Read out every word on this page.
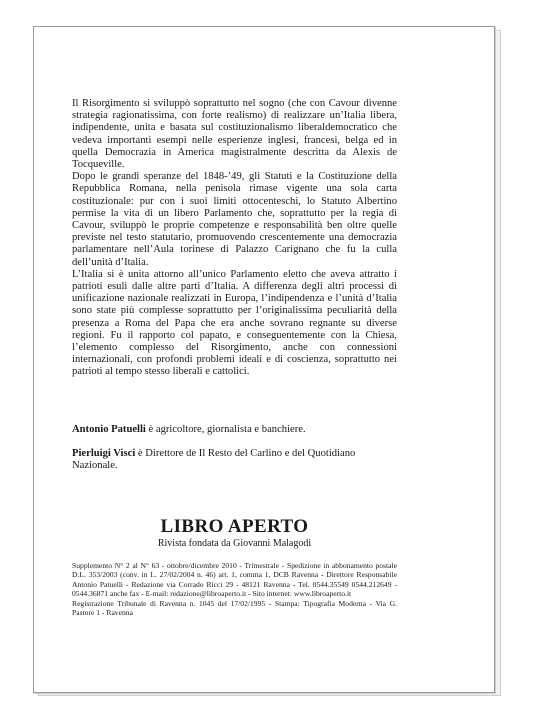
Il Risorgimento si sviluppò soprattutto nel sogno (che con Cavour divenne strategia ragionatissima, con forte realismo) di realizzare un’Italia libera, indipendente, unita e basata sul costituzionalismo liberaldemocratico che vedeva importanti esempi nelle esperienze inglesi, francesi, belga ed in quella Democrazia in America magistralmente descritta da Alexis de Tocqueville.

Dopo le grandi speranze del 1848-’49, gli Statuti e la Costituzione della Repubblica Romana, nella penisola rimase vigente una sola carta costituzionale: pur con i suoi limiti ottocenteschi, lo Statuto Albertino permise la vita di un libero Parlamento che, soprattutto per la regia di Cavour, sviluppò le proprie competenze e responsabilità ben oltre quelle previste nel testo statutario, promuovendo crescentemente una democrazia parlamentare nell’Aula torinese di Palazzo Carignano che fu la culla dell’unità d’Italia.

L’Italia si è unita attorno all’unico Parlamento eletto che aveva attratto i patrioti esuli dalle altre parti d’Italia. A differenza degli altri processi di unificazione nazionale realizzati in Europa, l’indipendenza e l’unità d’Italia sono state più complesse soprattutto per l’originalissima peculiarità della presenza a Roma del Papa che era anche sovrano regnante su diverse regioni. Fu il rapporto col papato, e conseguentemente con la Chiesa, l’elemento complesso del Risorgimento, anche con connessioni internazionali, con profondi problemi ideali e di coscienza, soprattutto nei patrioti al tempo stesso liberali e cattolici.

Antonio Patuelli è agricoltore, giornalista e banchiere.

Pierluigi Visci è Direttore de Il Resto del Carlino e del Quotidiano Nazionale.

LIBRO APERTO
Rivista fondata da Giovanni Malagodi

Supplemento N° 2 al N° 63 - ottobre/dicembre 2010 - Trimestrale - Spedizione in abbonamento postale D.L. 353/2003 (conv. in L. 27/02/2004 n. 46) art. 1, comma 1, DCB Ravenna - Direttore Responsabile Antonio Patuelli - Redazione via Corrado Ricci 29 - 48121 Ravenna - Tel. 0544.35549 0544.212649 - 0544.36871 anche fax - E-mail: redazione@libroaperto.it - Sito internet: www.libroaperto.it

Registrazione Tribunale di Ravenna n. 1045 del 17/02/1995 - Stampa: Tipografia Moderna - Via G. Pastore 1 - Ravenna
